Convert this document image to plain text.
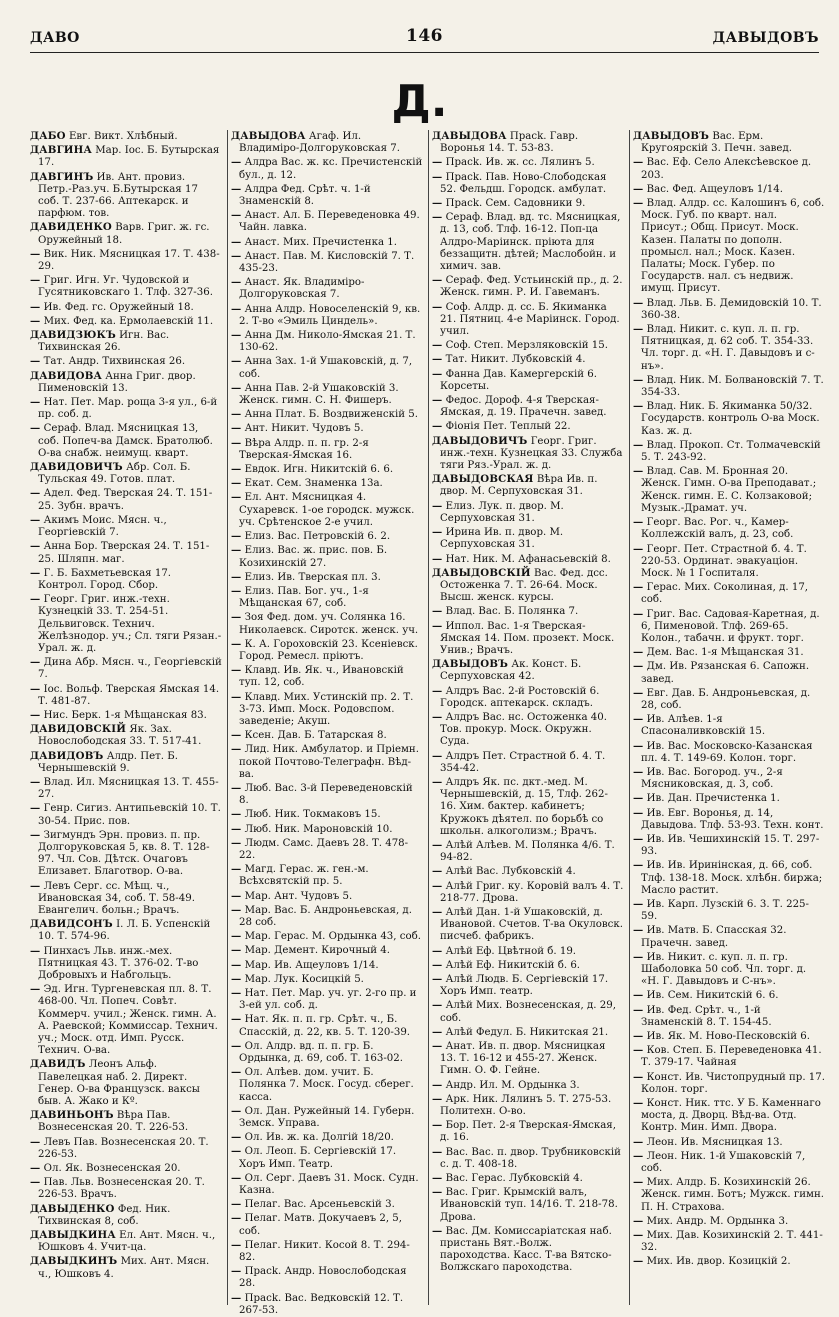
ДАВО	146	ДАВЫДОВЪ
Д.
ДАБО Евг. Викт. Хлѣбный.
ДАВГИНА Мар. Іос. Б. Бутырская 17.
ДАВГИНЪ Ив. Ант. провиз. Петр.-Раз.уч. Б.Бутырская 17 соб. Т. 237-66. Аптекарск. и парфюм. тов.
ДАВИДЕНКО Варв. Григ. ж. гс. Оружейный 18.
— Вик. Ник. Мясницкая 17. Т. 438-29.
— Григ. Игн. Уг. Чудовской и Гусятниковскаго 1. Тлф. 327-36.
— Ив. Фед. гс. Оружейный 18.
— Мих. Фед. ка. Ермолаевскій 11.
ДАВИДЗЮКЪ Игн. Вас. Тихвинская 26.
— Тат. Андр. Тихвинская 26.
ДАВИДОВА Анна Григ. двор. Пименовскій 13.
— Нат. Пет. Мар. роща 3-я ул., 6-й пр. соб. д.
— Сераф. Влад. Мясницкая 13, соб. Попеч-ва Дамск. Братолюб. О-ва снабж. неимущ. кварт.
ДАВИДОВИЧЪ Абр. Сол. Б. Тульская 49. Готов. плат.
— Адел. Фед. Тверская 24. Т. 151-25. Зубн. врачъ.
— Акимъ Моис. Мясн. ч., Георгіевскій 7.
— Анна Бор. Тверская 24. Т. 151-25. Шляпн. маг.
— Г. Б. Бахметьевская 17. Контрол. Город. Сбор.
— Георг. Григ. инж.-техн. Кузнецкій 33. Т. 254-51. Дельвиговск. Технич. Желѣзнодор. уч.; Сл. тяги Рязан.-Урал. ж. д.
— Дина Абр. Мясн. ч., Георгіевскій 7.
— Іос. Вольф. Тверская Ямская 14. Т. 481-87.
— Нис. Берк. 1-я Мѣщанская 83.
ДАВИДОВСКІЙ Як. Зах. Новослободская 33. Т. 517-41.
ДАВИДОВЪ Алдр. Пет. Б. Чернышевскій 9.
— Влад. Ил. Мясницкая 13. Т. 455-27.
— Генр. Сигиз. Антипьевскій 10. Т. 30-54. Прис. пов.
— Зигмундъ Эрн. провиз. п. пр. Долгоруковская 5, кв. 8. Т. 128-97. Чл. Сов. Дѣтск. Очаговъ Елизавет. Благотвор. О-ва.
— Левъ Серг. сс. Мѣщ. ч., Ивановская 34, соб. Т. 58-49. Евангелич. больн.; Врачъ.
ДАВИДСОНЪ І. Л. Б. Успенскій 10. Т. 574-96.
— Пинхасъ Льв. инж.-мех. Пятницкая 43. Т. 376-02. Т-во Добровыхъ и Набгольцъ.
— Эд. Игн. Тургеневская пл. 8. Т. 468-00. Чл. Попеч. Совѣт. Коммерч. учил.; Женск. гимн. А. А. Раевской; Коммиссар. Технич. уч.; Моск. отд. Имп. Русск. Технич. О-ва.
ДАВИДЪ Леонъ Альф. Павелецкая наб. 2. Директ. Генер. О-ва Французск. ваксы быв. А. Жако и Кº.
ДАВИНЬОНЪ Вѣра Пав. Вознесенская 20. Т. 226-53.
— Левъ Пав. Вознесенская 20. Т. 226-53.
— Ол. Як. Вознесенская 20.
— Пав. Льв. Вознесенская 20. Т. 226-53. Врачъ.
ДАВЫДЕНКО Фед. Ник. Тихвинская 8, соб.
ДАВЫДКИНА Ел. Ант. Мясн. ч., Юшковъ 4. Учит-ца.
ДАВЫДКИНЪ Мих. Ант. Мясн. ч., Юшковъ 4.
ДАВЫДОВА Агаф. Ил. Владиміро-Долгоруковская 7.
— Алдра Вас. ж. кс. Пречистенскій бул., д. 12.
— Алдра Фед. Срѣт. ч. 1-й Знаменскій 8.
— Анаст. Ал. Б. Переведеновка 49. Чайн. лавка.
— Анаст. Мих. Пречистенка 1.
— Анаст. Пав. М. Кисловскій 7. Т. 435-23.
— Анаст. Як. Владиміро-Долгоруковская 7.
— Анна Алдр. Новоселенскій 9, кв. 2. Т-во «Эмиль Циндель».
— Анна Дм. Николо-Ямская 21. Т. 130-62.
— Анна Зах. 1-й Ушаковскій, д. 7, соб.
— Анна Пав. 2-й Ушаковскій 3. Женск. гимн. С. Н. Фишеръ.
— Анна Плат. Б. Воздвиженскій 5.
— Ант. Никит. Чудовъ 5.
— Вѣра Алдр. п. п. гр. 2-я Тверская-Ямская 16.
— Евдок. Игн. Никитскій 6. 6.
— Екат. Сем. Знаменка 13а.
— Ел. Ант. Мясницкая 4. Сухаревск. 1-ое городск. мужск. уч. Срѣтенское 2-е учил.
— Елиз. Вас. Петровскій 6. 2.
— Елиз. Вас. ж. прис. пов. Б. Козихинскій 27.
— Елиз. Ив. Тверская пл. 3.
— Елиз. Пав. Бог. уч., 1-я Мѣщанская 67, соб.
— Зоя Фед. дом. уч. Солянка 16. Николаевск. Сиротск. женск. уч.
— К. А. Гороховскій 23. Ксеніевск. Город. Ремесл. пріютъ.
— Клавд. Ив. Як. ч., Ивановскій туп. 12, соб.
— Клавд. Мих. Устинскій пр. 2. Т. 3-73. Имп. Моск. Родовспом. заведеніе; Акуш.
— Ксен. Дав. Б. Татарская 8.
— Лид. Ник. Амбулатор. и Пріемн. покой Почтово-Телеграфн. Вѣд-ва.
— Люб. Вас. 3-й Переведеновскій 8.
— Люб. Ник. Токмаковъ 15.
— Люб. Ник. Мароновскій 10.
— Людм. Самс. Даевъ 28. Т. 478-22.
— Магд. Герас. ж. ген.-м. Всѣхсвятскій пр. 5.
— Мар. Ант. Чудовъ 5.
— Мар. Вас. Б. Андроньевская, д. 28 соб.
— Мар. Герас. М. Ордынка 43, соб.
— Мар. Демент. Кирочный 4.
— Мар. Ив. Ащеуловъ 1/14.
— Мар. Лук. Косицкій 5.
— Нат. Пет. Мар. уч. уг. 2-го пр. и 3-ей ул. соб. д.
— Нат. Як. п. п. гр. Срѣт. ч., Б. Спасскій, д. 22, кв. 5. Т. 120-39.
— Ол. Алдр. вд. п. п. гр. Б. Ордынка, д. 69, соб. Т. 163-02.
— Ол. Алѣев. дом. учит. Б. Полянка 7. Моск. Госуд. сберег. касса.
— Ол. Дан. Ружейный 14. Губерн. Земск. Управа.
— Ол. Ив. ж. ка. Долгій 18/20.
— Ол. Леоп. Б. Сергіевскій 17. Хоръ Имп. Театр.
— Ол. Серг. Даевъ 31. Моск. Судн. Казна.
— Пелаг. Вас. Арсеньевскій 3.
— Пелаг. Матв. Докучаевъ 2, 5, соб.
— Пелаг. Никит. Косой 8. Т. 294-82.
— Прасk. Андр. Новослободская 28.
— Прасk. Вас. Ведковскій 12. Т. 267-53.
ДАВЫДОВА Прасk. Гавр. Воронья 14. Т. 53-83.
— Прасk. Ив. ж. сс. Лялинъ 5.
— Прасk. Пав. Ново-Слободская 52. Фельдш. Городск. амбулат.
— Прасk. Сем. Садовники 9.
— Сераф. Влад. вд. тс. Мясницкая, д. 13, соб. Тлф. 16-12. Поп-ца Алдро-Маріинск. пріюта для беззащитн. дѣтей; Маслобойн. и химич. зав.
— Сераф. Фед. Устьинскій пр., д. 2. Женск. гимн. Р. И. Гавеманъ.
— Соф. Алдр. д. сс. Б. Якиманка 21. Пятниц. 4-е Маріинск. Город. учил.
— Соф. Степ. Мерзляковскій 15.
— Тат. Никит. Лубковскій 4.
— Фанна Дав. Камергерскій 6. Корсеты.
— Федос. Дороф. 4-я Тверская-Ямская, д. 19. Прачечн. завед.
— Фіонія Пет. Теплый 22.
ДАВЫДОВИЧЪ Георг. Григ. инж.-техн. Кузнецкая 33. Служба тяги Ряз.-Урал. ж. д.
ДАВЫДОВСКАЯ Вѣра Ив. п. двор. М. Серпуховская 31.
— Елиз. Лук. п. двор. М. Серпуховская 31.
— Ирина Ив. п. двор. М. Серпуховская 31.
— Нат. Ник. М. Афанасьевскій 8.
ДАВЫДОВСКІЙ Вас. Фед. дсс. Остоженка 7. Т. 26-64. Моск. Высш. женск. курсы.
— Влад. Вас. Б. Полянка 7.
— Иппол. Вас. 1-я Тверская-Ямская 14. Пом. прозект. Моск. Унив.; Врачъ.
ДАВЫДОВЪ Ак. Конст. Б. Серпуховская 42.
— Алдръ Вас. 2-й Ростовскій 6. Городск. аптекарск. складъ.
— Алдръ Вас. нс. Остоженка 40. Тов. прокур. Моск. Окружн. Суда.
— Алдръ Пет. Страстной б. 4. Т. 354-42.
— Алдръ Як. пс. дкт.-мед. М. Чернышевскій, д. 15, Тлф. 262-16. Хим. бактер. кабинетъ; Кружокъ дѣятел. по борьбѣ со школьн. алкоголизм.; Врачъ.
— Алѣй Алѣев. М. Полянка 4/6. Т. 94-82.
— Алѣй Вас. Лубковскій 4.
— Алѣй Григ. ку. Коровій валъ 4. Т. 218-77. Дрова.
— Алѣй Дан. 1-й Ушаковскій, д. Ивановой. Счетов. Т-ва Окуловск. писчеб. фабрикъ.
— Алѣй Еф. Цвѣтной б. 19.
— Алѣй Еф. Никитскій б. 6.
— Алѣй Людв. Б. Сергіевскій 17. Хоръ Имп. театр.
— Алѣй Мих. Вознесенская, д. 29, соб.
— Алѣй Федул. Б. Никитская 21.
— Анат. Ив. п. двор. Мясницкая 13. Т. 16-12 и 455-27. Женск. Гимн. О. Ф. Гейне.
— Андр. Ил. М. Ордынка 3.
— Арк. Ник. Лялинъ 5. Т. 275-53. Политехн. О-во.
— Бор. Пет. 2-я Тверская-Ямская, д. 16.
— Вас. Вас. п. двор. Трубниковскій с. д. Т. 408-18.
— Вас. Герас. Лубковскій 4.
— Вас. Григ. Крымскій валъ, Ивановскій туп. 14/16. Т. 218-78. Дрова.
— Вас. Дм. Комиссаріатская наб. пристань Вят.-Волж. пароходства. Касс. Т-ва Вятско-Волжскаго пароходства.
ДАВЫДОВЪ Вас. Ерм. Кругоярскій 3. Печн. завед.
— Вас. Еф. Село Алексѣевское д. 203.
— Вас. Фед. Ащеуловъ 1/14.
— Влад. Алдр. сс. Калошинъ 6, соб. Моск. Губ. по кварт. нал. Присут.; Общ. Присут. Моск. Казен. Палаты по дополн. промысл. нал.; Моск. Казен. Палаты; Моск. Губер. по Государств. нал. съ недвиж. имущ. Присут.
— Влад. Льв. Б. Демидовскій 10. Т. 360-38.
— Влад. Никит. с. куп. л. п. гр. Пятницкая, д. 62 соб. Т. 354-33. Чл. торг. д. «Н. Г. Давыдовъ и с-нъ».
— Влад. Ник. М. Болвановскій 7. Т. 354-33.
— Влад. Ник. Б. Якиманка 50/32. Государств. контроль О-ва Моск. Каз. ж. д.
— Влад. Прокоп. Ст. Толмачевскій 5. Т. 243-92.
— Влад. Сав. М. Бронная 20. Женск. Гимн. О-ва Преподават.; Женск. гимн. Е. С. Колзаковой; Музык.-Драмат. уч.
— Георг. Вас. Рог. ч., Камер-Коллежскій валъ, д. 23, соб.
— Георг. Пет. Страстной б. 4. Т. 220-53. Ординат. эвакуаціон. Моск. № 1 Госпиталя.
— Герас. Мих. Соколиная, д. 17, соб.
— Григ. Вас. Садовая-Каретная, д. 6, Пименовой. Тлф. 269-65. Колон., табачн. и фрукт. торг.
— Дем. Вас. 1-я Мѣщанская 31.
— Дм. Ив. Рязанская 6. Сапожн. завед.
— Евг. Дав. Б. Андроньевская, д. 28, соб.
— Ив. Алѣев. 1-я Спасоналивковскій 15.
— Ив. Вас. Московско-Казанская пл. 4. Т. 149-69. Колон. торг.
— Ив. Вас. Богород. уч., 2-я Мясниковская, д. 3, соб.
— Ив. Дан. Пречистенка 1.
— Ив. Евг. Воронья, д. 14, Давыдова. Тлф. 53-93. Техн. конт.
— Ив. Ив. Чешихинскій 15. Т. 297-93.
— Ив. Ив. Иринінская, д. 66, соб. Тлф. 138-18. Моск. хлѣбн. биржа; Масло растит.
— Ив. Карп. Лузскій 6. 3. Т. 225-59.
— Ив. Матв. Б. Спасская 32. Прачечн. завед.
— Ив. Никит. с. куп. л. п. гр. Шаболовка 50 соб. Чл. торг. д. «Н. Г. Давыдовъ и С-нъ».
— Ив. Сем. Никитскій 6. 6.
— Ив. Фед. Срѣт. ч., 1-й Знаменскій 8. Т. 154-45.
— Ив. Як. М. Ново-Песковскій 6.
— Ков. Степ. Б. Переведеновка 41. Т. 379-17. Чайная
— Конст. Ив. Чистопрудный пр. 17. Колон. торг.
— Конст. Ник. ттс. У Б. Каменнаго моста, д. Дворц. Вѣд-ва. Отд. Контр. Мин. Имп. Двора.
— Леон. Ив. Мясницкая 13.
— Леон. Ник. 1-й Ушаковскій 7, соб.
— Мих. Алдр. Б. Козихинскій 26. Женск. гимн. Ботъ; Мужск. гимн. П. Н. Страхова.
— Мих. Андр. М. Ордынка 3.
— Мих. Дав. Козихинскій 2. Т. 441-32.
— Мих. Ив. двор. Козицкій 2.
